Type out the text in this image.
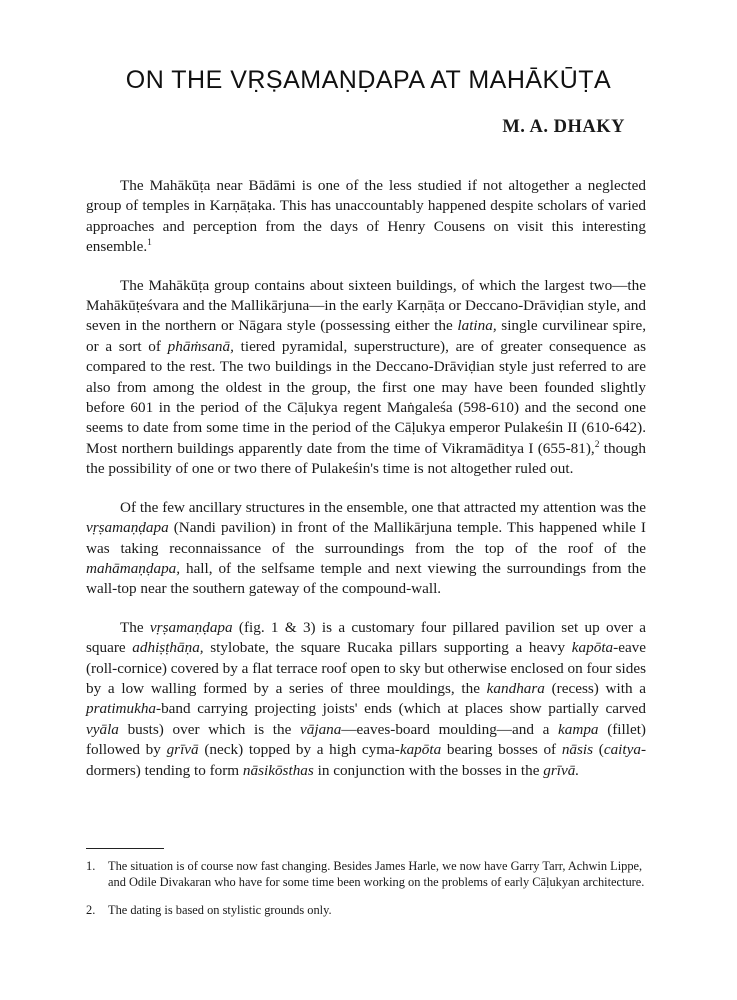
ON THE VṚṢAMAṆḌAPA AT MAHĀKŪṬA
M. A. DHAKY

The Mahākūṭa near Bādāmi is one of the less studied if not altogether a neglected group of temples in Karṇāṭaka. This has unaccountably happened despite scholars of varied approaches and perception from the days of Henry Cousens on visit this interesting ensemble.$^1$

The Mahākūṭa group contains about sixteen buildings, of which the largest two—the Mahākūṭeśvara and the Mallikārjuna—in the early Karṇāṭa or Deccano-Drāviḍian style, and seven in the northern or Nāgara style (possessing either the latina, single curvilinear spire, or a sort of phāṁsanā, tiered pyramidal, superstructure), are of greater consequence as compared to the rest. The two buildings in the Deccano-Drāviḍian style just referred to are also from among the oldest in the group, the first one may have been founded slightly before 601 in the period of the Cāḷukya regent Maṅgaleśa (598-610) and the second one seems to date from some time in the period of the Cāḷukya emperor Pulakeśin II (610-642). Most northern buildings apparently date from the time of Vikramāditya I (655-81),$^2$ though the possibility of one or two there of Pulakeśin's time is not altogether ruled out.

Of the few ancillary structures in the ensemble, one that attracted my attention was the vṛṣamaṇḍapa (Nandi pavilion) in front of the Mallikārjuna temple. This happened while I was taking reconnaissance of the surroundings from the top of the roof of the mahāmaṇḍapa, hall, of the selfsame temple and next viewing the surroundings from the wall-top near the southern gateway of the compound-wall.

The vṛṣamaṇḍapa (fig. 1 & 3) is a customary four pillared pavilion set up over a square adhiṣṭhāṇa, stylobate, the square Rucaka pillars supporting a heavy kapōta-eave (roll-cornice) covered by a flat terrace roof open to sky but otherwise enclosed on four sides by a low walling formed by a series of three mouldings, the kandhara (recess) with a pratimukha-band carrying projecting joists' ends (which at places show partially carved vyāla busts) over which is the vājana—eaves-board moulding—and a kampa (fillet) followed by grīvā (neck) topped by a high cyma-kapōta bearing bosses of nāsis (caitya-dormers) tending to form nāsikōsthas in conjunction with the bosses in the grīvā.

1.	The situation is of course now fast changing. Besides James Harle, we now have Garry Tarr, Achwin Lippe, and Odile Divakaran who have for some time been working on the problems of early Cāḷukyan architecture.
2.	The dating is based on stylistic grounds only.
